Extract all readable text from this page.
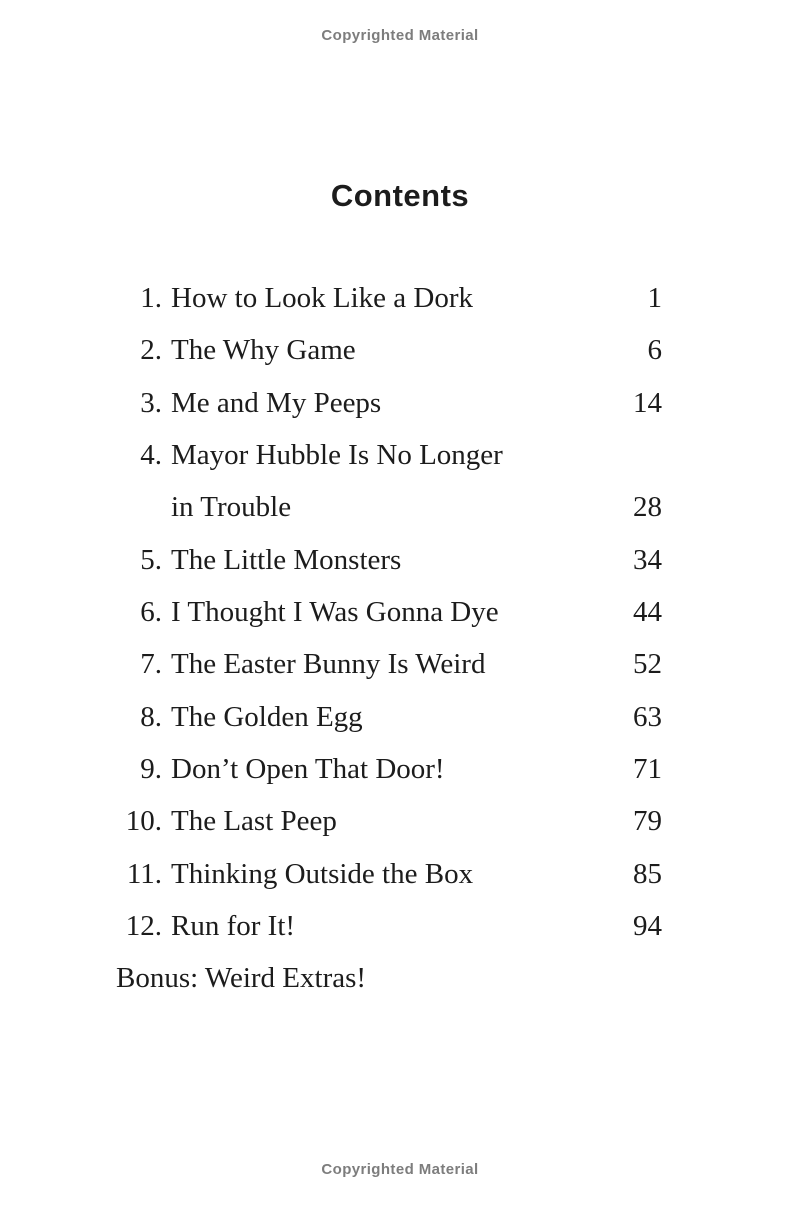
Copyrighted Material
Contents
1. How to Look Like a Dork	1
2. The Why Game	6
3. Me and My Peeps	14
4. Mayor Hubble Is No Longer
in Trouble	28
5. The Little Monsters	34
6. I Thought I Was Gonna Dye	44
7. The Easter Bunny Is Weird	52
8. The Golden Egg	63
9. Don’t Open That Door!	71
10. The Last Peep	79
11. Thinking Outside the Box	85
12. Run for It!	94
Bonus: Weird Extras!
Copyrighted Material
